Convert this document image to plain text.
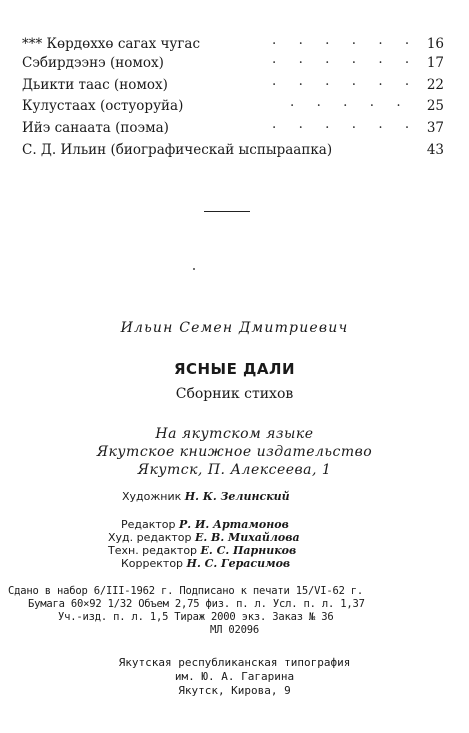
*** Көрдөххө сагах чугас	· · · · · · 16
Сэбирдээнэ (номох)	· · · · · · 17
Дьикти таас (номох)	· · · · · · 22
Кулустаах (остуоруйа)	· · · · · 25
Ийэ санаата (поэма)	· · · · · · 37
С. Д. Ильин (биографическай ыспыраапка)	43
Ильин Семен Дмитриевич
ЯСНЫЕ ДАЛИ
Сборник стихов
На якутском языке
Якутское книжное издательство
Якутск, П. Алексеева, 1
Художник Н. К. Зелинский
Редактор Р. И. Артамонов
Худ. редактор Е. В. Михайлова
Техн. редактор Е. С. Парников
Корректор Н. С. Герасимов
Сдано в набор 6/III-1962 г. Подписано к печати 15/VI-62 г.
Бумага 60×92 1/32 Объем 2,75 физ. п. л. Усл. п. л. 1,37
Уч.-изд. п. л. 1,5 Тираж 2000 экз. Заказ № 36
МЛ 02096
Якутская республиканская типография
им. Ю. А. Гагарина
Якутск, Кирова, 9
